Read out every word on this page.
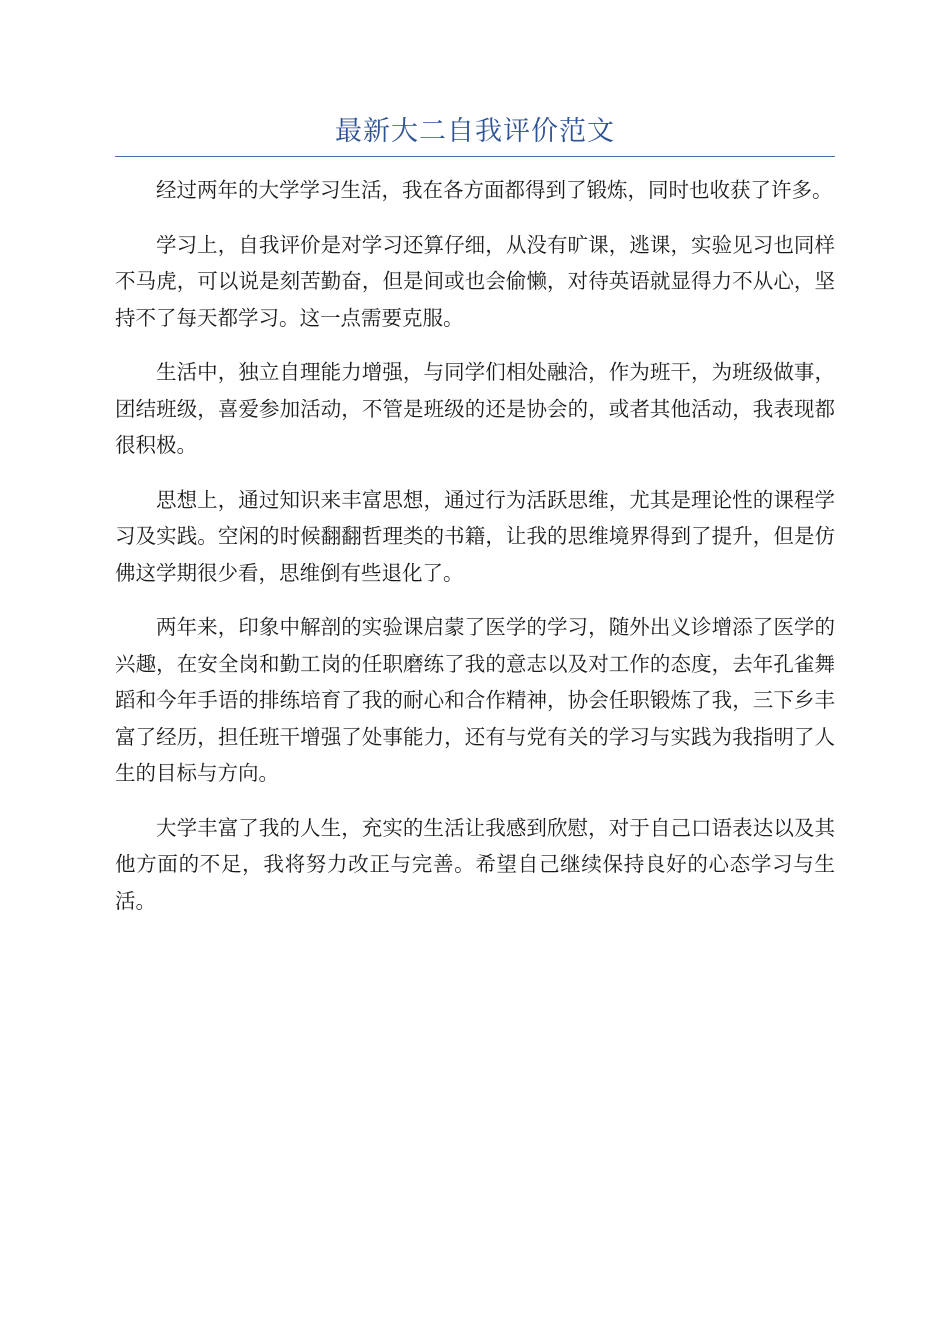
最新大二自我评价范文

经过两年的大学学习生活，我在各方面都得到了锻炼，同时也收获了许多。

学习上，自我评价是对学习还算仔细，从没有旷课，逃课，实验见习也同样不马虎，可以说是刻苦勤奋，但是间或也会偷懒，对待英语就显得力不从心，坚持不了每天都学习。这一点需要克服。

生活中，独立自理能力增强，与同学们相处融洽，作为班干，为班级做事，团结班级，喜爱参加活动，不管是班级的还是协会的，或者其他活动，我表现都很积极。

思想上，通过知识来丰富思想，通过行为活跃思维，尤其是理论性的课程学习及实践。空闲的时候翻翻哲理类的书籍，让我的思维境界得到了提升，但是仿佛这学期很少看，思维倒有些退化了。

两年来，印象中解剖的实验课启蒙了医学的学习，随外出义诊增添了医学的兴趣，在安全岗和勤工岗的任职磨练了我的意志以及对工作的态度，去年孔雀舞蹈和今年手语的排练培育了我的耐心和合作精神，协会任职锻炼了我，三下乡丰富了经历，担任班干增强了处事能力，还有与党有关的学习与实践为我指明了人生的目标与方向。

大学丰富了我的人生，充实的生活让我感到欣慰，对于自己口语表达以及其他方面的不足，我将努力改正与完善。希望自己继续保持良好的心态学习与生活。
